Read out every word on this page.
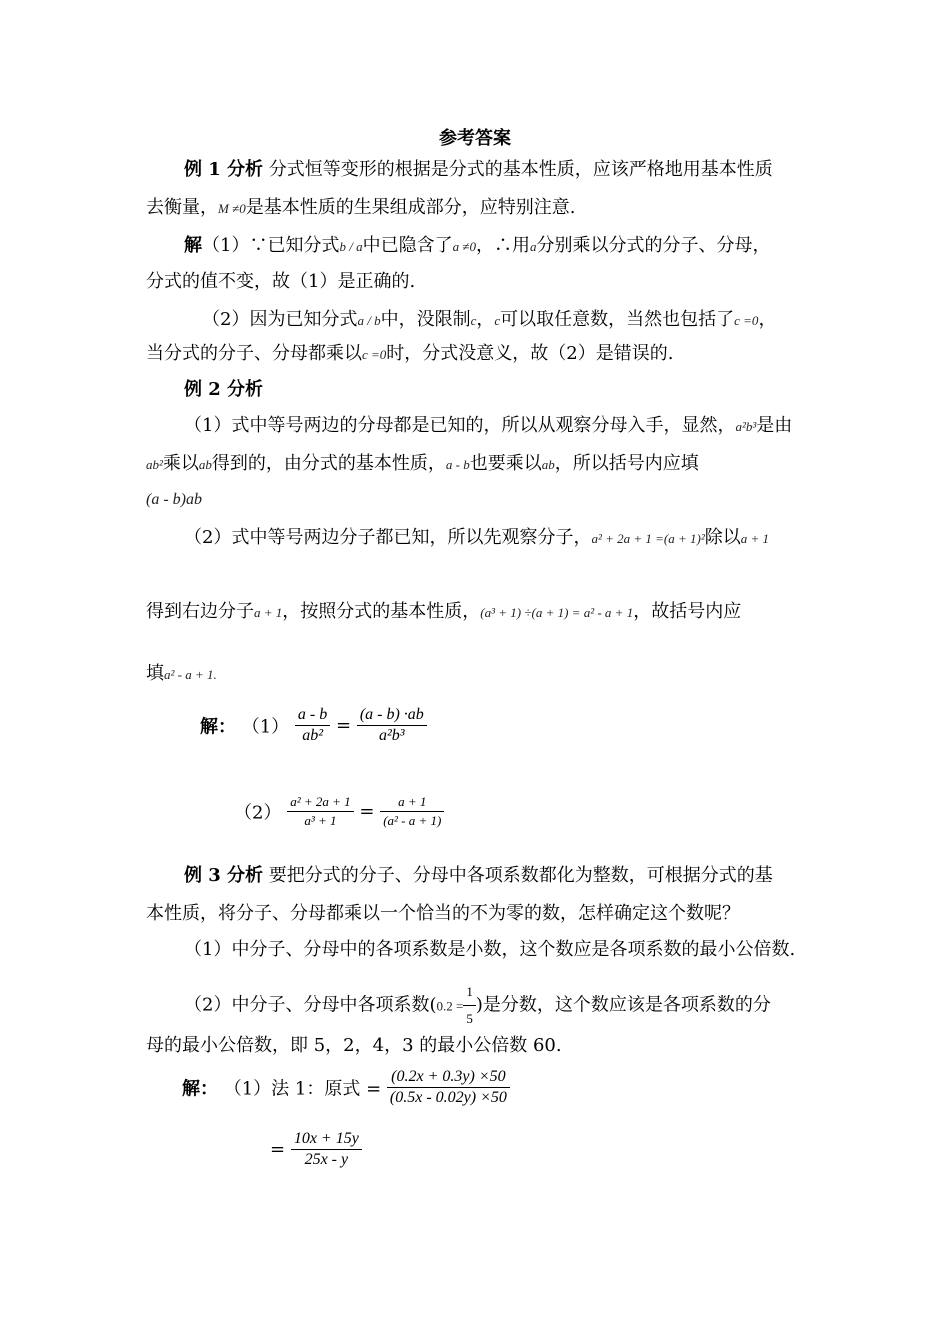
参考答案
例 1 分析 分式恒等变形的根据是分式的基本性质，应该严格地用基本性质
去衡量，M ≠0是基本性质的生果组成部分，应特别注意.
解（1）∵已知分式b / a中已隐含了a ≠0，∴用a分别乘以分式的分子、分母，
分式的值不变，故（1）是正确的.
（2）因为已知分式a / b中，没限制c，c可以取任意数，当然也包括了c =0，
当分式的分子、分母都乘以c =0时，分式没意义，故（2）是错误的.
例 2 分析
（1）式中等号两边的分母都是已知的，所以从观察分母入手，显然，a²b³是由
ab²乘以ab得到的，由分式的基本性质，a - b也要乘以ab，所以括号内应填
(a - b)ab
（2）式中等号两边分子都已知，所以先观察分子，a² + 2a + 1 =(a + 1)²除以a + 1
得到右边分子a + 1，按照分式的基本性质，(a³ + 1) ÷(a + 1) = a² - a + 1，故括号内应
填a² - a + 1.
解： $(1) \frac{a - b}{\text{ab²}} = \frac{(a - b) \cdot ab}{\text{a²b³}}$
$(2) \frac{\text{a² + 2a + 1}}{\text{a³ + 1}} = \frac{a + 1}{\text{(a² - a + 1)}}$
例 3 分析 要把分式的分子、分母中各项系数都化为整数，可根据分式的基
本性质，将分子、分母都乘以一个恰当的不为零的数，怎样确定这个数呢？
（1）中分子、分母中的各项系数是小数，这个数应是各项系数的最小公倍数.
（2）中分子、分母中各项系数($0.2 = \frac{1}{5}$ )是分数，这个数应该是各项系数的分
母的最小公倍数，即 5，2，4，3 的最小公倍数 60.
解： （1）法 1：原式 = $\frac{(0.2x + 0.3y) \times 50}{(0.5x - 0.02y) \times 50}$
= $\frac{10x + 15y}{25x - y}$
